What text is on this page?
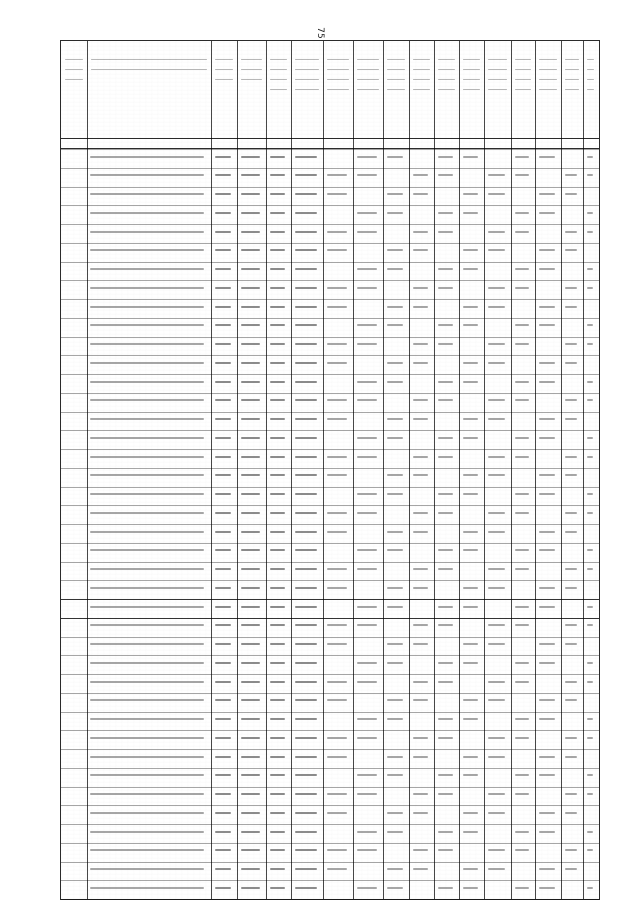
75
